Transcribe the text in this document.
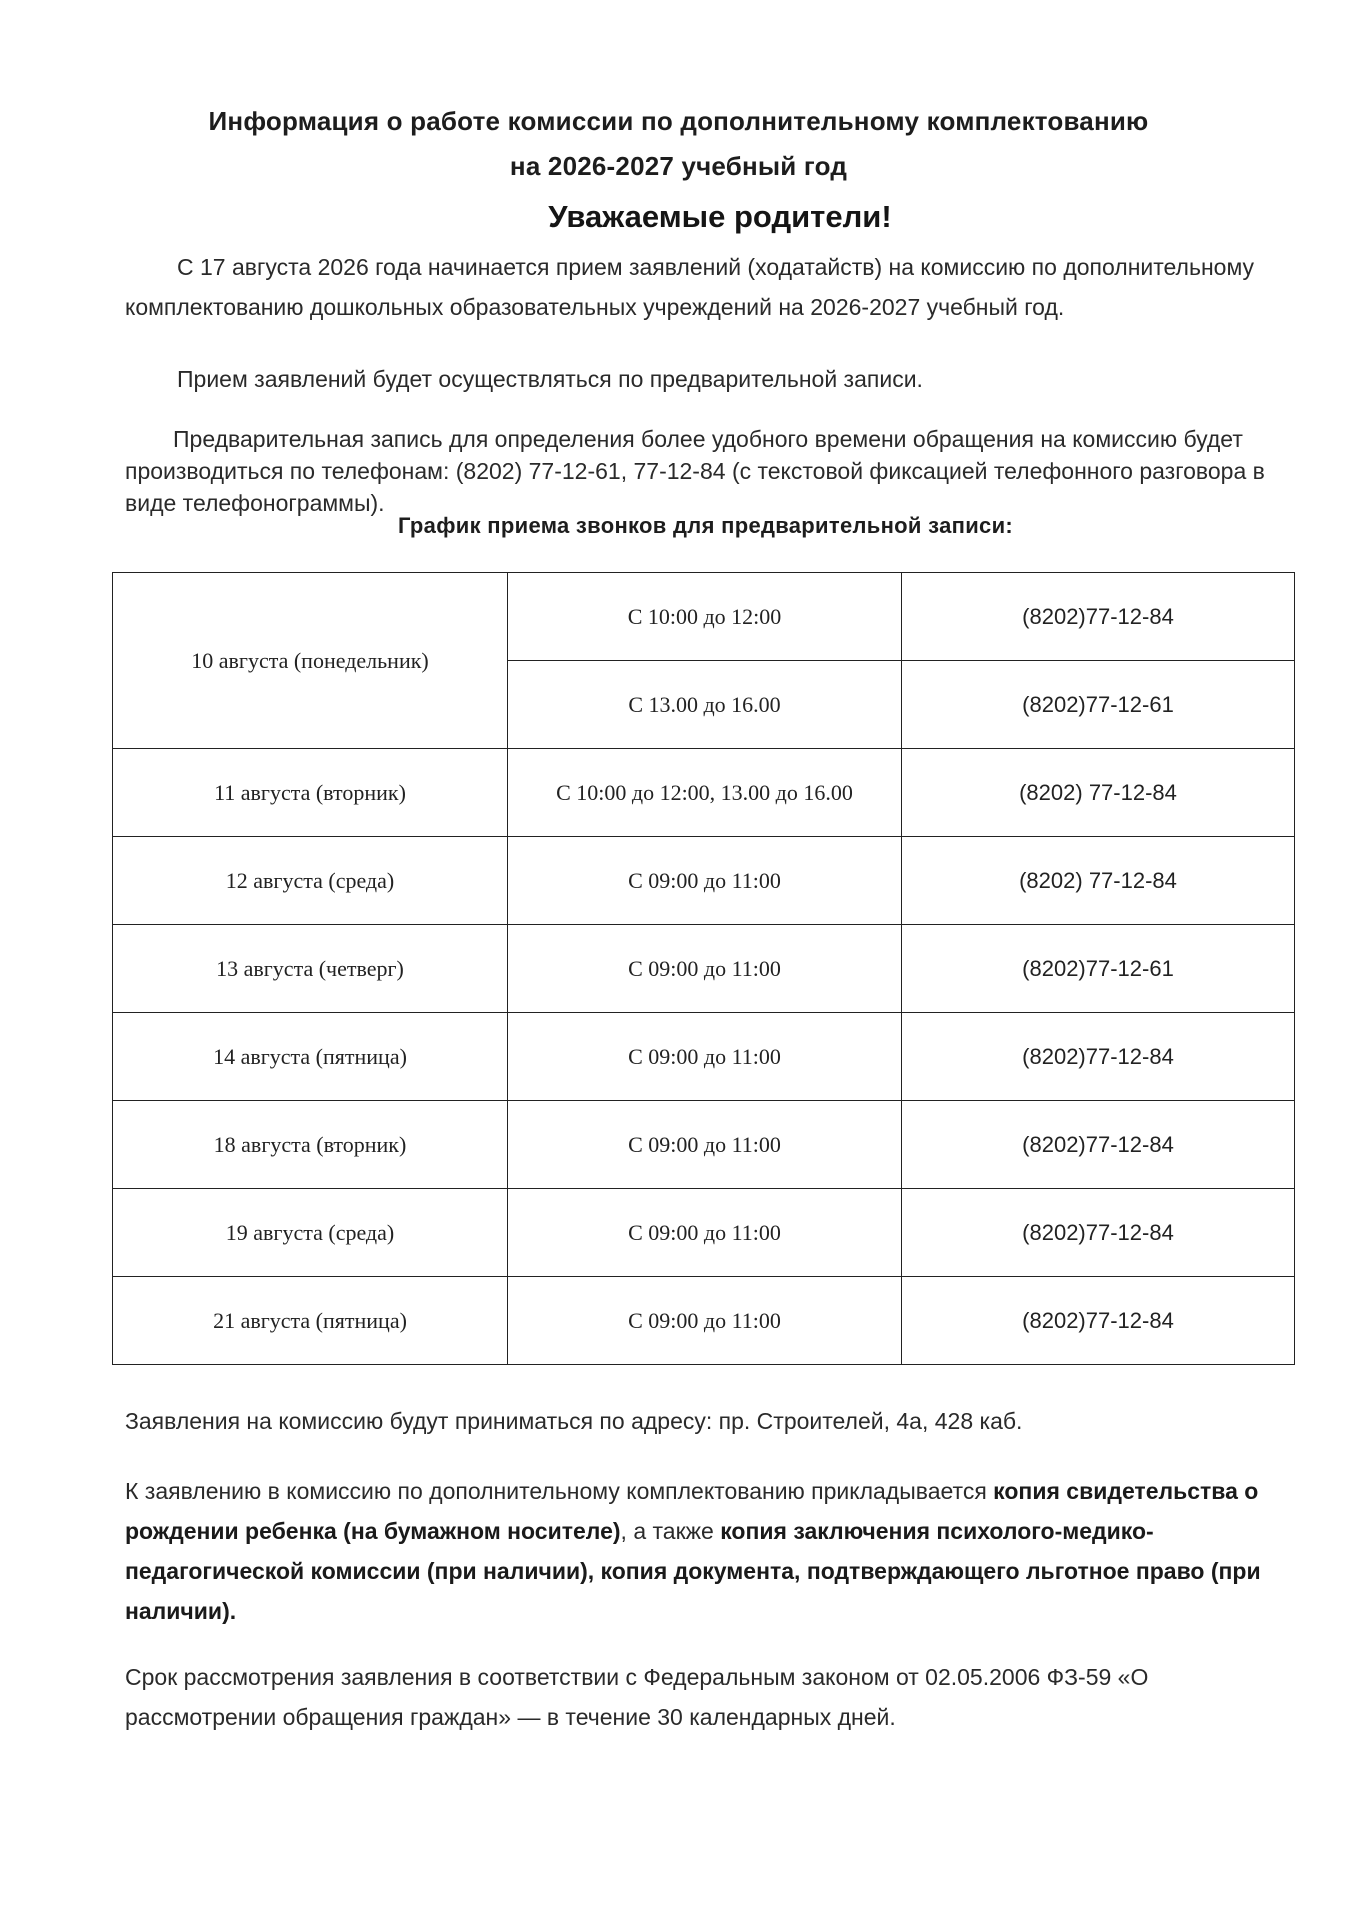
Информация о работе комиссии по дополнительному комплектованию
на 2026-2027 учебный год
Уважаемые родители!
С 17 августа 2026 года начинается прием заявлений (ходатайств) на комиссию по дополнительному комплектованию дошкольных образовательных учреждений на 2026-2027 учебный год.
Прием заявлений будет осуществляться по предварительной записи.
Предварительная запись для определения более удобного времени обращения на комиссию будет производиться по телефонам: (8202) 77-12-61, 77-12-84 (с текстовой фиксацией телефонного разговора в виде телефонограммы).
График приема звонков для предварительной записи:
10 августа (понедельник)	С 10:00 до 12:00	(8202)77-12-84
	С 13.00 до 16.00	(8202)77-12-61
11 августа (вторник)	С 10:00 до 12:00, 13.00 до 16.00	(8202) 77-12-84
12 августа (среда)	С 09:00 до 11:00	(8202) 77-12-84
13 августа (четверг)	С 09:00 до 11:00	(8202)77-12-61
14 августа (пятница)	С 09:00 до 11:00	(8202)77-12-84
18 августа (вторник)	С 09:00 до 11:00	(8202)77-12-84
19 августа (среда)	С 09:00 до 11:00	(8202)77-12-84
21 августа (пятница)	С 09:00 до 11:00	(8202)77-12-84
Заявления на комиссию будут приниматься по адресу: пр. Строителей, 4а, 428 каб.
К заявлению в комиссию по дополнительному комплектованию прикладывается копия свидетельства о рождении ребенка (на бумажном носителе), а также копия заключения психолого-медико-педагогической комиссии (при наличии), копия документа, подтверждающего льготное право (при наличии).
Срок рассмотрения заявления в соответствии с Федеральным законом от 02.05.2006 ФЗ-59 «О рассмотрении обращения граждан» — в течение 30 календарных дней.
